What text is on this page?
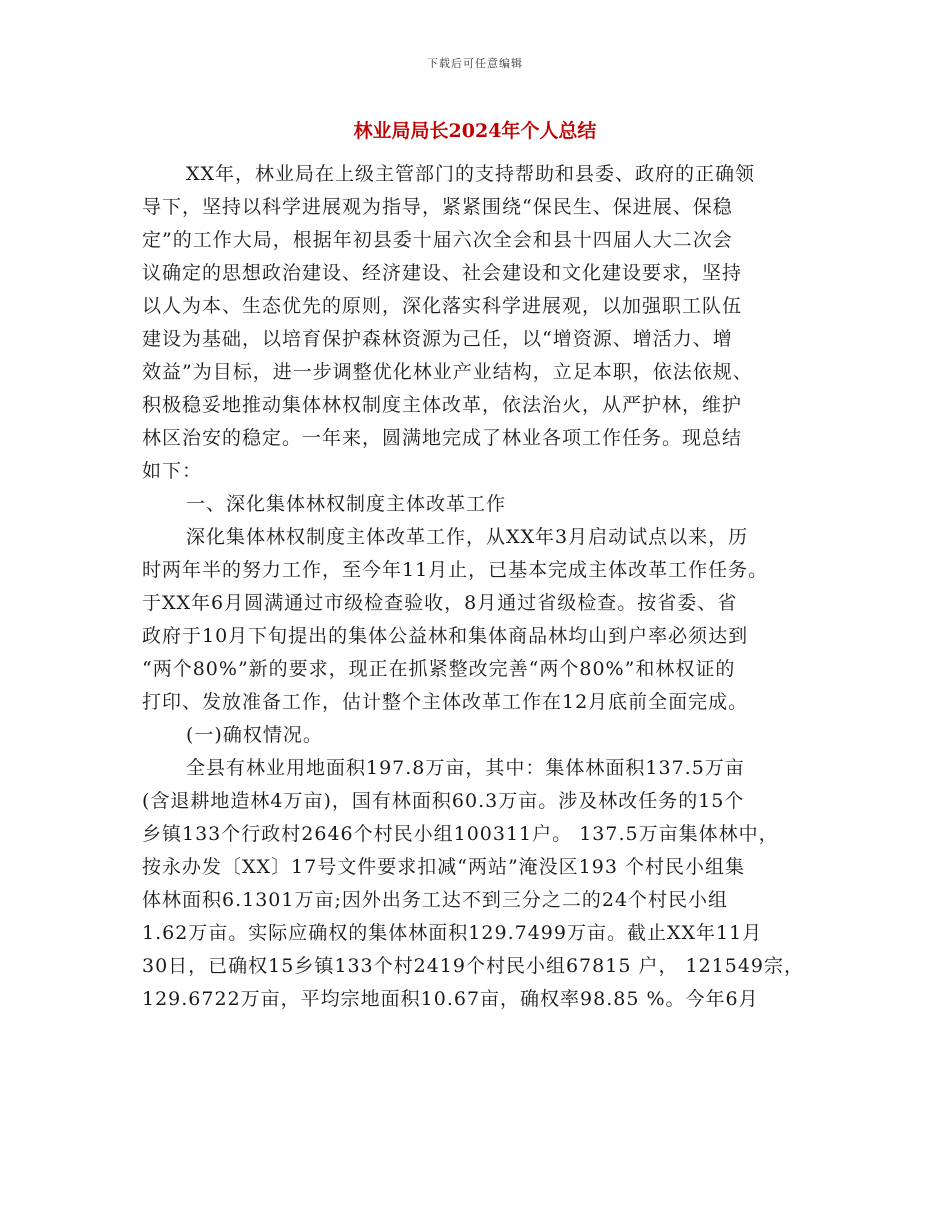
下载后可任意编辑
林业局局长2024年个人总结
XX年，林业局在上级主管部门的支持帮助和县委、政府的正确领
导下，坚持以科学进展观为指导，紧紧围绕“保民生、保进展、保稳
定”的工作大局，根据年初县委十届六次全会和县十四届人大二次会
议确定的思想政治建设、经济建设、社会建设和文化建设要求，坚持
以人为本、生态优先的原则，深化落实科学进展观，以加强职工队伍
建设为基础，以培育保护森林资源为己任，以“增资源、增活力、增
效益”为目标，进一步调整优化林业产业结构，立足本职，依法依规、
积极稳妥地推动集体林权制度主体改革，依法治火，从严护林，维护
林区治安的稳定。一年来，圆满地完成了林业各项工作任务。现总结
如下：
一、深化集体林权制度主体改革工作
深化集体林权制度主体改革工作，从XX年3月启动试点以来，历
时两年半的努力工作，至今年11月止，已基本完成主体改革工作任务。
于XX年6月圆满通过市级检查验收，8月通过省级检查。按省委、省
政府于10月下旬提出的集体公益林和集体商品林均山到户率必须达到
“两个80%”新的要求，现正在抓紧整改完善“两个80%”和林权证的
打印、发放准备工作，估计整个主体改革工作在12月底前全面完成。
(一)确权情况。
全县有林业用地面积197.8万亩，其中：集体林面积137.5万亩
(含退耕地造林4万亩)，国有林面积60.3万亩。涉及林改任务的15个
乡镇133个行政村2646个村民小组100311户。 137.5万亩集体林中，
按永办发〔XX〕17号文件要求扣减“两站”淹没区193 个村民小组集
体林面积6.1301万亩;因外出务工达不到三分之二的24个村民小组
1.62万亩。实际应确权的集体林面积129.7499万亩。截止XX年11月
30日，已确权15乡镇133个村2419个村民小组67815 户， 121549宗，
129.6722万亩，平均宗地面积10.67亩，确权率98.85 %。今年6月
